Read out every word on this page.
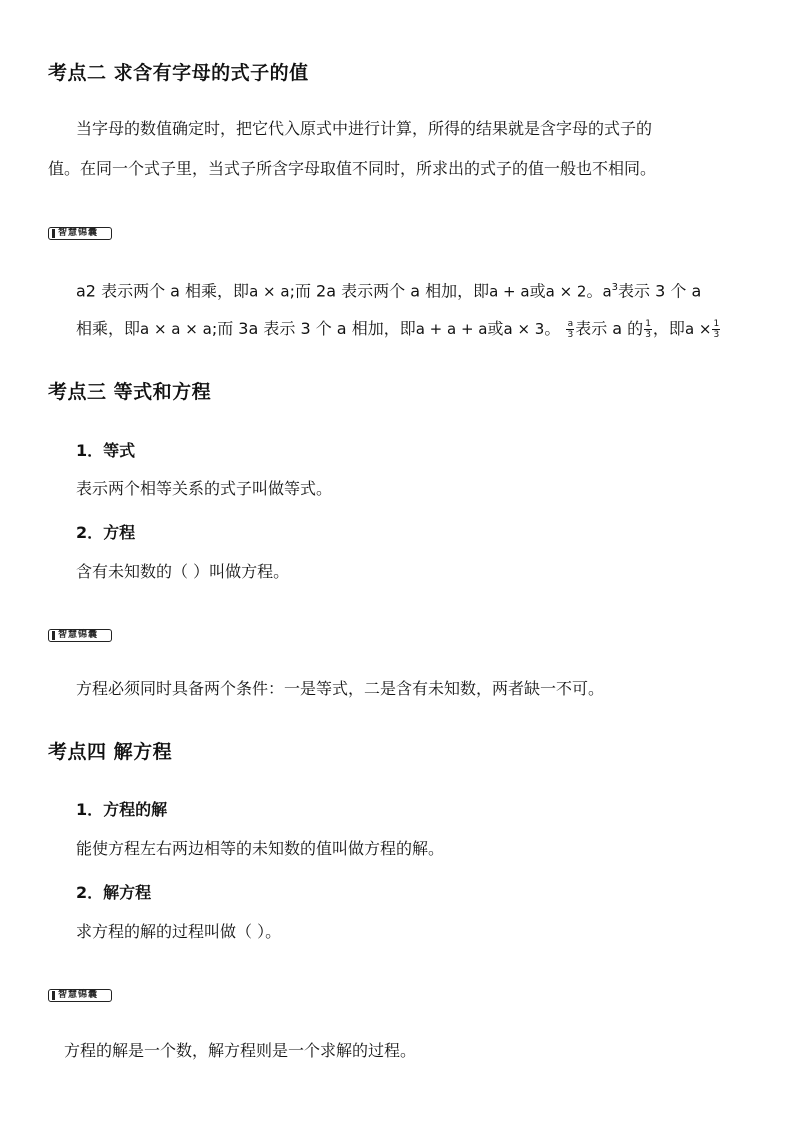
考点二 求含有字母的式子的值
当字母的数值确定时，把它代入原式中进行计算，所得的结果就是含字母的式子的
值。在同一个式子里，当式子所含字母取值不同时，所求出的式子的值一般也不相同。
智慧锦囊
a2 表示两个 a 相乘，即a × a;而 2a 表示两个 a 相加，即a + a或a × 2。$a^3$表示 3 个 a
相乘，即a × a × a;而 3a 表示 3 个 a 相加，即a + a + a或a × 3。 $\frac{a}{3}$ 表示 a 的 $\frac{1}{3}$ ，即$a \times \frac{1}{3}$
考点三 等式和方程
1．等式
表示两个相等关系的式子叫做等式。
2．方程
含有未知数的（ ）叫做方程。
智慧锦囊
方程必须同时具备两个条件：一是等式，二是含有未知数，两者缺一不可。
考点四 解方程
1．方程的解
能使方程左右两边相等的未知数的值叫做方程的解。
2．解方程
求方程的解的过程叫做（ ）。
智慧锦囊
方程的解是一个数，解方程则是一个求解的过程。
